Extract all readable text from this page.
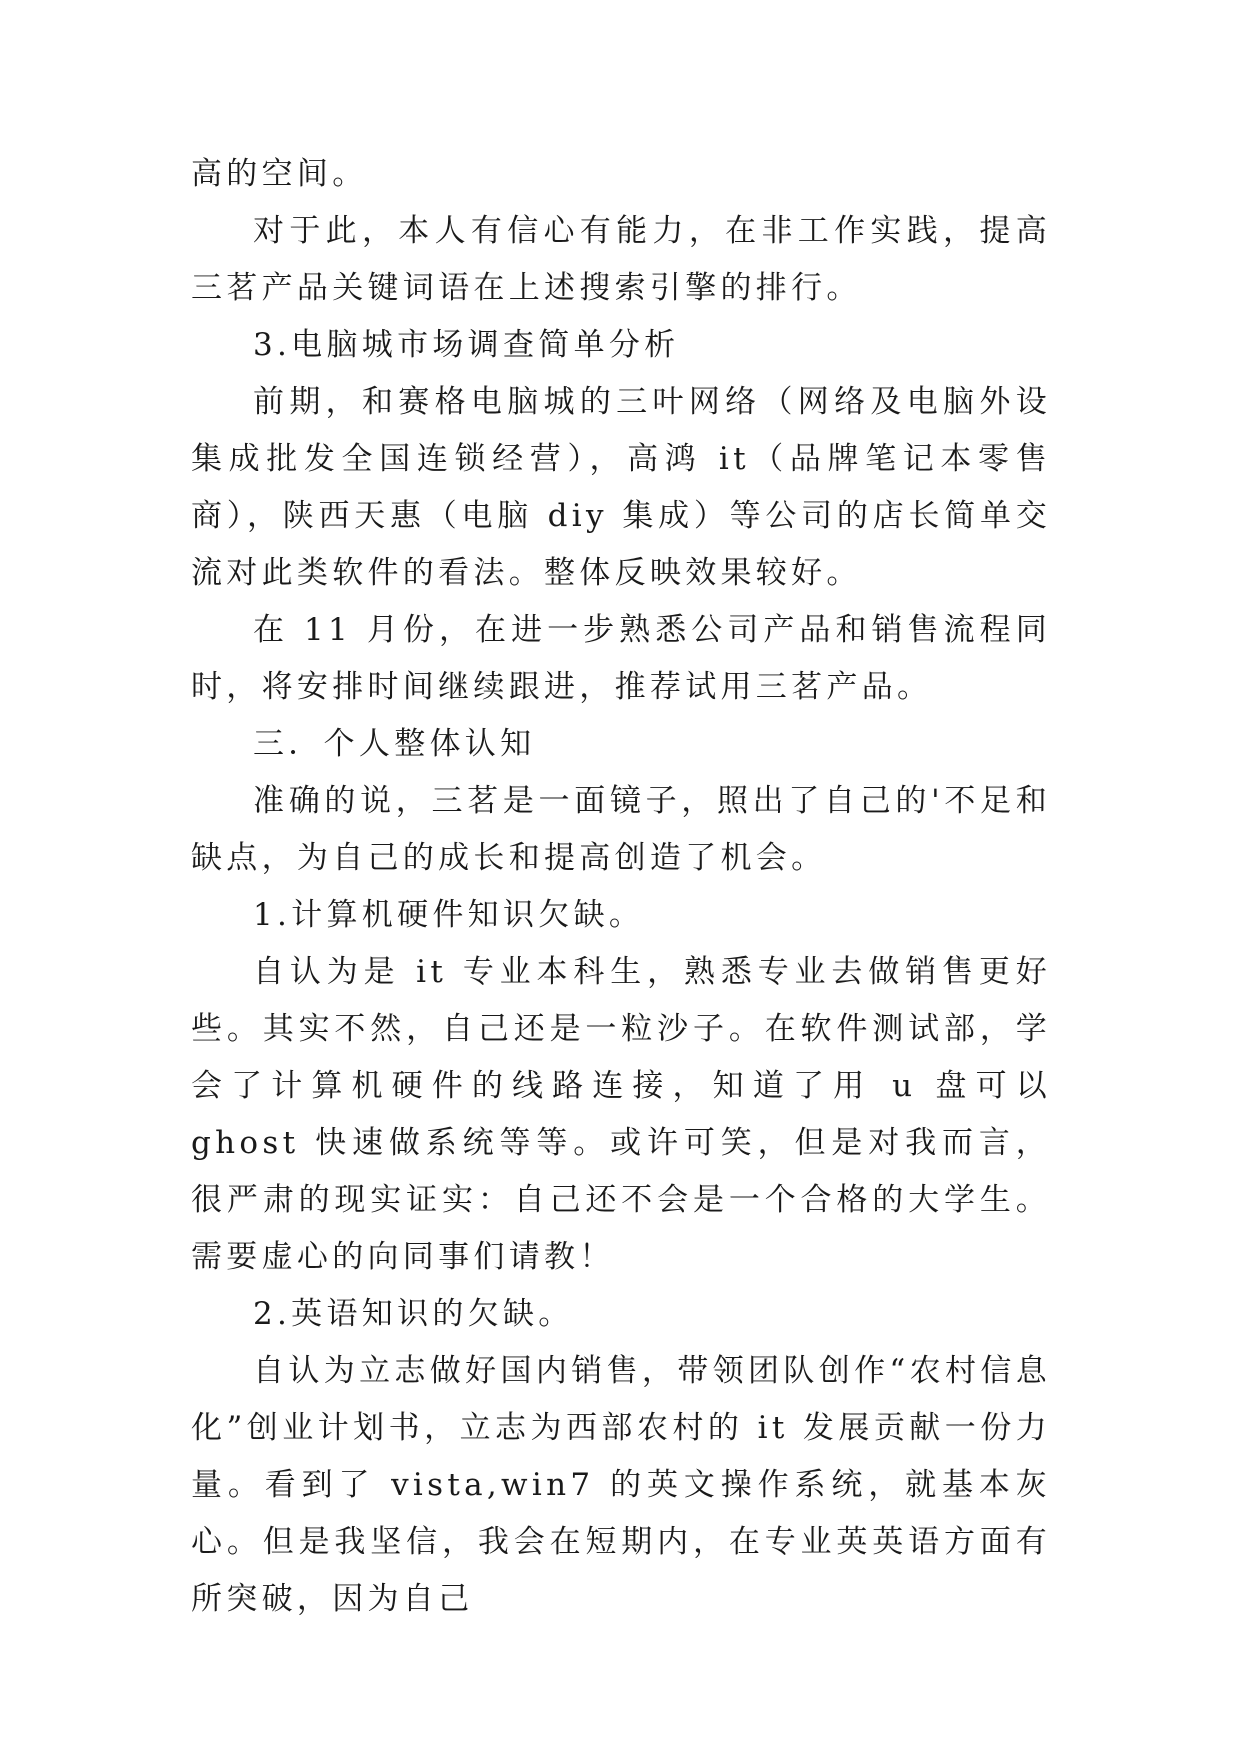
高的空间。

对于此，本人有信心有能力，在非工作实践，提高三茗产品关键词语在上述搜索引擎的排行。

3.电脑城市场调查简单分析

前期，和赛格电脑城的三叶网络（网络及电脑外设集成批发全国连锁经营），高鸿 it（品牌笔记本零售商），陕西天惠（电脑 diy 集成）等公司的店长简单交流对此类软件的看法。整体反映效果较好。

在 11 月份，在进一步熟悉公司产品和销售流程同时，将安排时间继续跟进，推荐试用三茗产品。

三．个人整体认知

准确的说，三茗是一面镜子，照出了自己的'不足和缺点，为自己的成长和提高创造了机会。

1.计算机硬件知识欠缺。

自认为是 it 专业本科生，熟悉专业去做销售更好些。其实不然，自己还是一粒沙子。在软件测试部，学会了计算机硬件的线路连接，知道了用 u 盘可以 ghost 快速做系统等等。或许可笑，但是对我而言，很严肃的现实证实：自己还不会是一个合格的大学生。需要虚心的向同事们请教！

2.英语知识的欠缺。

自认为立志做好国内销售，带领团队创作“农村信息化”创业计划书，立志为西部农村的 it 发展贡献一份力量。看到了 vista,win7 的英文操作系统，就基本灰心。但是我坚信，我会在短期内，在专业英英语方面有所突破，因为自己
